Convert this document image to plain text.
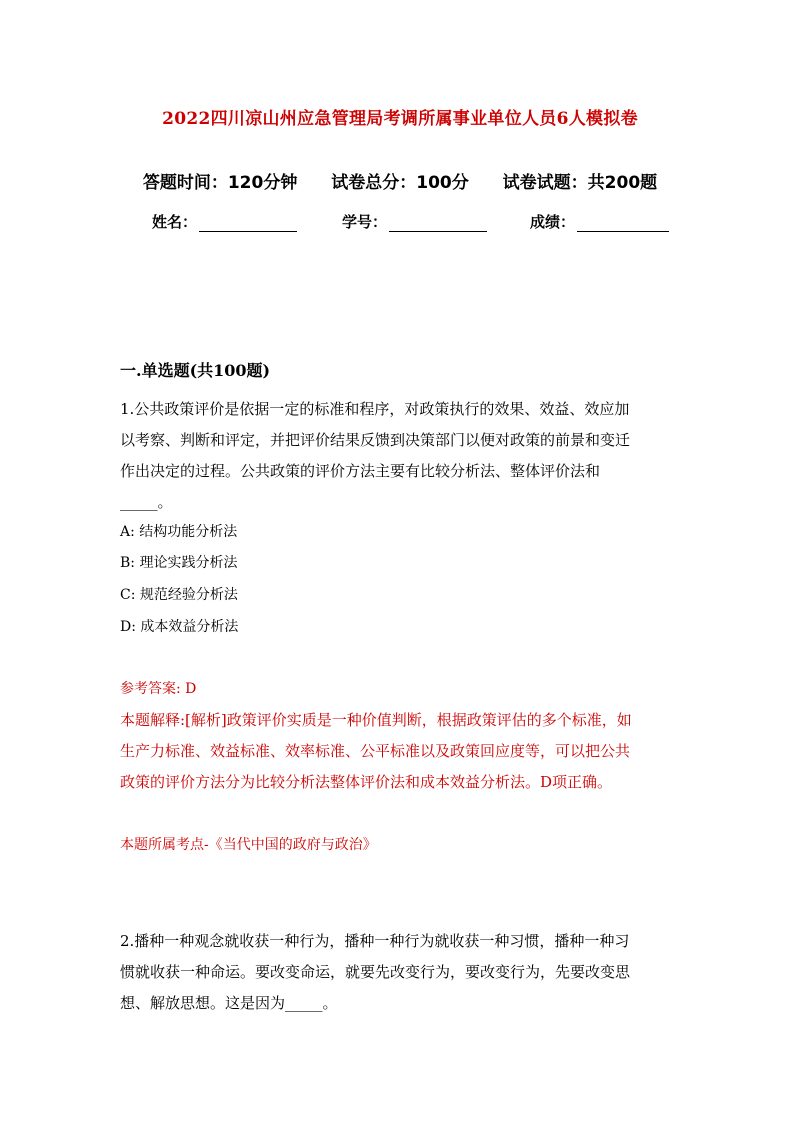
2022四川凉山州应急管理局考调所属事业单位人员6人模拟卷
答题时间：120分钟 试卷总分：100分 试卷试题：共200题
姓名：	学号：	成绩：
一.单选题(共100题)
1.公共政策评价是依据一定的标准和程序，对政策执行的效果、效益、效应加
以考察、判断和评定，并把评价结果反馈到决策部门以便对政策的前景和变迁
作出决定的过程。公共政策的评价方法主要有比较分析法、整体评价法和
_____。
A: 结构功能分析法
B: 理论实践分析法
C: 规范经验分析法
D: 成本效益分析法
参考答案: D
本题解释:[解析]政策评价实质是一种价值判断，根据政策评估的多个标准，如
生产力标准、效益标准、效率标准、公平标准以及政策回应度等，可以把公共
政策的评价方法分为比较分析法整体评价法和成本效益分析法。D项正确。
本题所属考点-《当代中国的政府与政治》
2.播种一种观念就收获一种行为，播种一种行为就收获一种习惯，播种一种习
惯就收获一种命运。要改变命运，就要先改变行为，要改变行为，先要改变思
想、解放思想。这是因为_____。
